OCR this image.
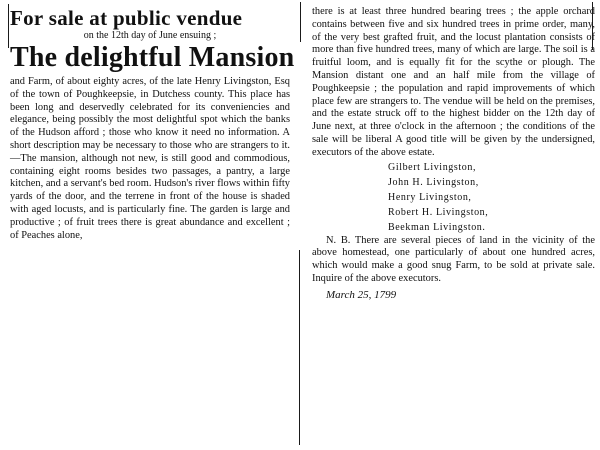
For sale at public vendue

on the 12th day of June ensuing ;

The delightful Mansion

and Farm, of about eighty acres, of the late Henry Livingston, Esq of the town of Poughkeepsie, in Dutchess county. This place has been long and deservedly celebrated for its conveniencies and elegance, being possibly the most delightful spot which the banks of the Hudson afford ; those who know it need no information. A short description may be necessary to those who are strangers to it.—The mansion, although not new, is still good and commodious, containing eight rooms besides two passages, a pantry, a large kitchen, and a servant's bed room. Hudson's river flows within fifty yards of the door, and the terrene in front of the house is shaded with aged locusts, and is particularly fine. The garden is large and productive ; of fruit trees there is great abundance and excellent ; of Peaches alone,

there is at least three hundred bearing trees ; the apple orchard contains between five and six hundred trees in prime order, many, of the very best grafted fruit, and the locust plantation consists of more than five hundred trees, many of which are large. The soil is a fruitful loom, and is equally fit for the scythe or plough. The Mansion distant one and an half mile from the village of Poughkeepsie ; the population and rapid improvements of which place few are strangers to. The vendue will be held on the premises, and the estate struck off to the highest bidder on the 12th day of June next, at three o'clock in the afternoon ; the conditions of the sale will be liberal A good title will be given by the undersigned, executors of the above estate.

Gilbert Livingston,
John H. Livingston,
Henry Livingston,
Robert H. Livingston,
Beekman Livingston.

N. B. There are several pieces of land in the vicinity of the above homestead, one particularly of about one hundred acres, which would make a good snug Farm, to be sold at private sale. Inquire of the above executors.

March 25, 1799
